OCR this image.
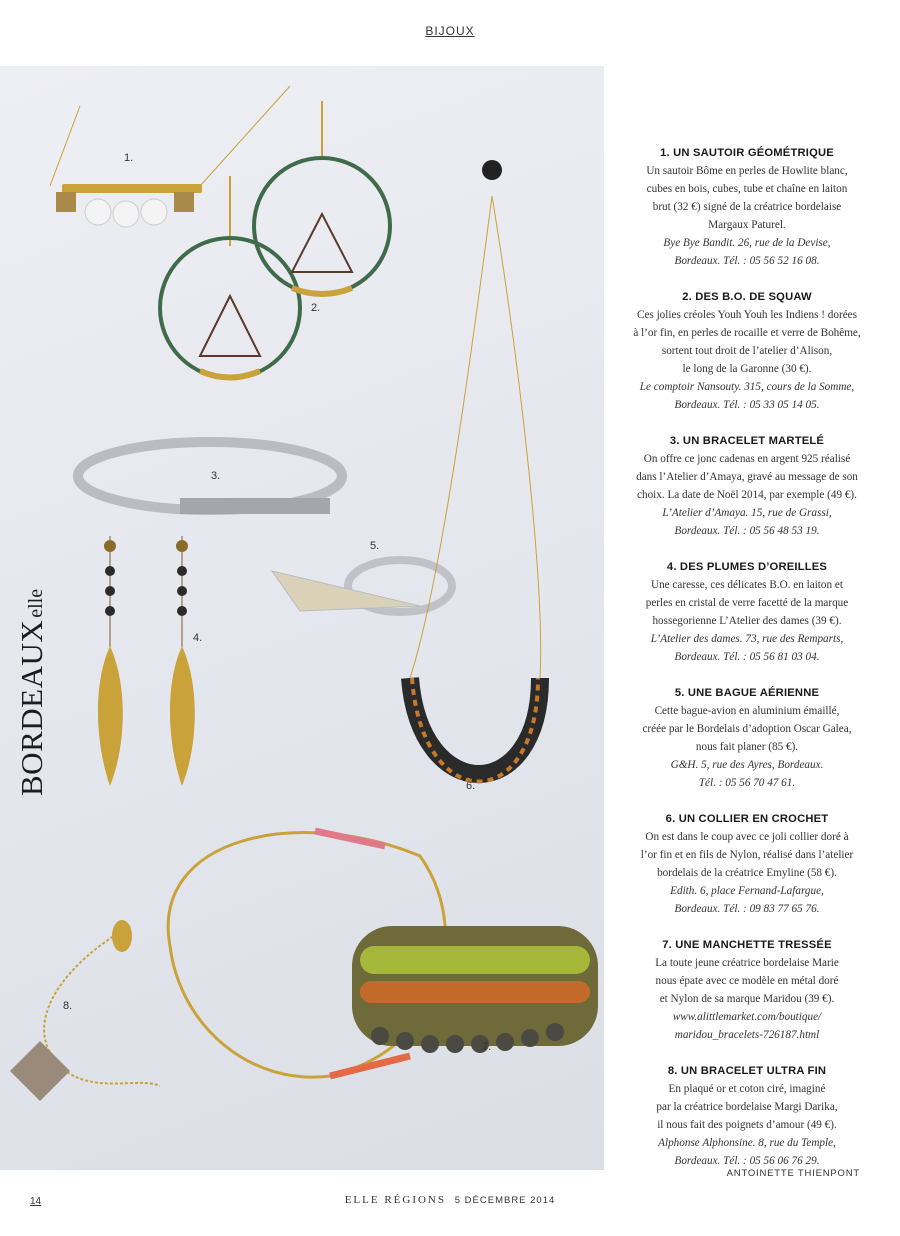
BIJOUX
1.
2.
3.
4.
5.
6.
7.
8.
BORDEAUXelle
1. UN SAUTOIR GÉOMÉTRIQUE

Un sautoir Bôme en perles de Howlite blanc,

cubes en bois, cubes, tube et chaîne en laiton

brut (32 €) signé de la créatrice bordelaise

Margaux Paturel.

Bye Bye Bandit. 26, rue de la Devise,

Bordeaux. Tél. : 05 56 52 16 08.

2. DES B.O. DE SQUAW

Ces jolies créoles Youh Youh les Indiens ! dorées

à l’or fin, en perles de rocaille et verre de Bohême,

sortent tout droit de l’atelier d’Alison,

le long de la Garonne (30 €).

Le comptoir Nansouty. 315, cours de la Somme,

Bordeaux. Tél. : 05 33 05 14 05.

3. UN BRACELET MARTELÉ

On offre ce jonc cadenas en argent 925 réalisé

dans l’Atelier d’Amaya, gravé au message de son

choix. La date de Noël 2014, par exemple (49 €).

L’Atelier d’Amaya. 15, rue de Grassi,

Bordeaux. Tél. : 05 56 48 53 19.

4. DES PLUMES D’OREILLES

Une caresse, ces délicates B.O. en laiton et

perles en cristal de verre facetté de la marque

hossegorienne L’Atelier des dames (39 €).

L’Atelier des dames. 73, rue des Remparts,

Bordeaux. Tél. : 05 56 81 03 04.

5. UNE BAGUE AÉRIENNE

Cette bague-avion en aluminium émaillé,

créée par le Bordelais d’adoption Oscar Galea,

nous fait planer (85 €).

G&H. 5, rue des Ayres, Bordeaux.

Tél. : 05 56 70 47 61.

6. UN COLLIER EN CROCHET

On est dans le coup avec ce joli collier doré à

l’or fin et en fils de Nylon, réalisé dans l’atelier

bordelais de la créatrice Emyline (58 €).

Edith. 6, place Fernand-Lafargue,

Bordeaux. Tél. : 09 83 77 65 76.

7. UNE MANCHETTE TRESSÉE

La toute jeune créatrice bordelaise Marie

nous épate avec ce modèle en métal doré

et Nylon de sa marque Maridou (39 €).

www.alittlemarket.com/boutique/

maridou_bracelets-726187.html

8. UN BRACELET ULTRA FIN

En plaqué or et coton ciré, imaginé

par la créatrice bordelaise Margi Darika,

il nous fait des poignets d’amour (49 €).

Alphonse Alphonsine. 8, rue du Temple,

Bordeaux. Tél. : 05 56 06 76 29.

ANTOINETTE THIENPONT
14	ELLE RÉGIONS 5 DÉCEMBRE 2014
